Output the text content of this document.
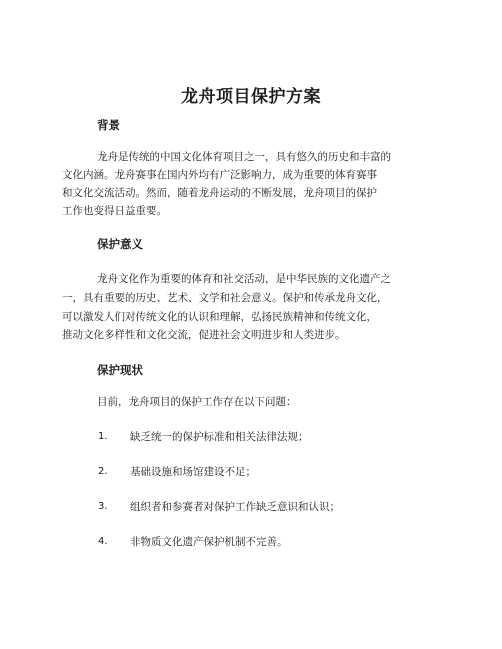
龙舟项目保护方案
背景
龙舟是传统的中国文化体育项目之一，具有悠久的历史和丰富的
文化内涵。龙舟赛事在国内外均有广泛影响力，成为重要的体育赛事
和文化交流活动。然而，随着龙舟运动的不断发展，龙舟项目的保护
工作也变得日益重要。
保护意义
龙舟文化作为重要的体育和社交活动，是中华民族的文化遗产之
一，具有重要的历史、艺术、文学和社会意义。保护和传承龙舟文化，
可以激发人们对传统文化的认识和理解，弘扬民族精神和传统文化，
推动文化多样性和文化交流，促进社会文明进步和人类进步。
保护现状
目前，龙舟项目的保护工作存在以下问题：
1. 缺乏统一的保护标准和相关法律法规；
2. 基础设施和场馆建设不足；
3. 组织者和参赛者对保护工作缺乏意识和认识；
4. 非物质文化遗产保护机制不完善。
